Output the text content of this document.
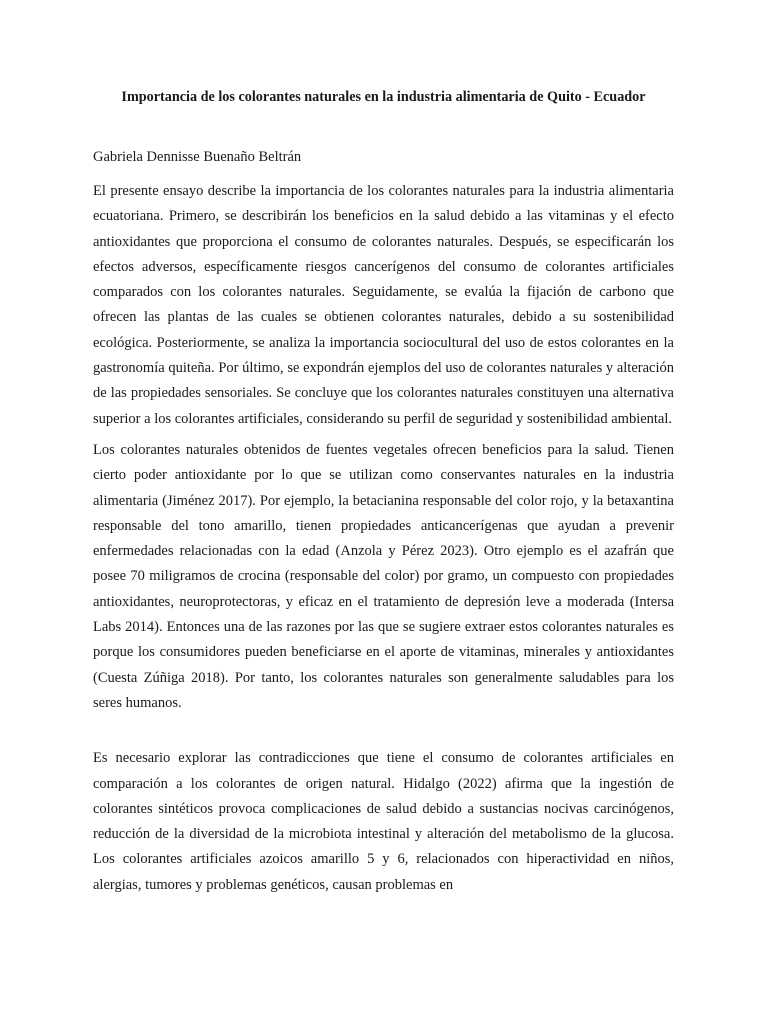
Importancia de los colorantes naturales en la industria alimentaria de Quito - Ecuador

Gabriela Dennisse Buenaño Beltrán

El presente ensayo describe la importancia de los colorantes naturales para la industria alimentaria ecuatoriana. Primero, se describirán los beneficios en la salud debido a las vitaminas y el efecto antioxidantes que proporciona el consumo de colorantes naturales. Después, se especificarán los efectos adversos, específicamente riesgos cancerígenos del consumo de colorantes artificiales comparados con los colorantes naturales. Seguidamente, se evalúa la fijación de carbono que ofrecen las plantas de las cuales se obtienen colorantes naturales, debido a su sostenibilidad ecológica. Posteriormente, se analiza la importancia sociocultural del uso de estos colorantes en la gastronomía quiteña. Por último, se expondrán ejemplos del uso de colorantes naturales y alteración de las propiedades sensoriales. Se concluye que los colorantes naturales constituyen una alternativa superior a los colorantes artificiales, considerando su perfil de seguridad y sostenibilidad ambiental.

Los colorantes naturales obtenidos de fuentes vegetales ofrecen beneficios para la salud. Tienen cierto poder antioxidante por lo que se utilizan como conservantes naturales en la industria alimentaria (Jiménez 2017). Por ejemplo, la betacianina responsable del color rojo, y la betaxantina responsable del tono amarillo, tienen propiedades anticancerígenas que ayudan a prevenir enfermedades relacionadas con la edad (Anzola y Pérez 2023). Otro ejemplo es el azafrán que posee 70 miligramos de crocina (responsable del color) por gramo, un compuesto con propiedades antioxidantes, neuroprotectoras, y eficaz en el tratamiento de depresión leve a moderada (Intersa Labs 2014). Entonces una de las razones por las que se sugiere extraer estos colorantes naturales es porque los consumidores pueden beneficiarse en el aporte de vitaminas, minerales y antioxidantes (Cuesta Zúñiga 2018). Por tanto, los colorantes naturales son generalmente saludables para los seres humanos.

Es necesario explorar las contradicciones que tiene el consumo de colorantes artificiales en comparación a los colorantes de origen natural. Hidalgo (2022) afirma que la ingestión de colorantes sintéticos provoca complicaciones de salud debido a sustancias nocivas carcinógenos, reducción de la diversidad de la microbiota intestinal y alteración del metabolismo de la glucosa. Los colorantes artificiales azoicos amarillo 5 y 6, relacionados con hiperactividad en niños, alergias, tumores y problemas genéticos, causan problemas en
